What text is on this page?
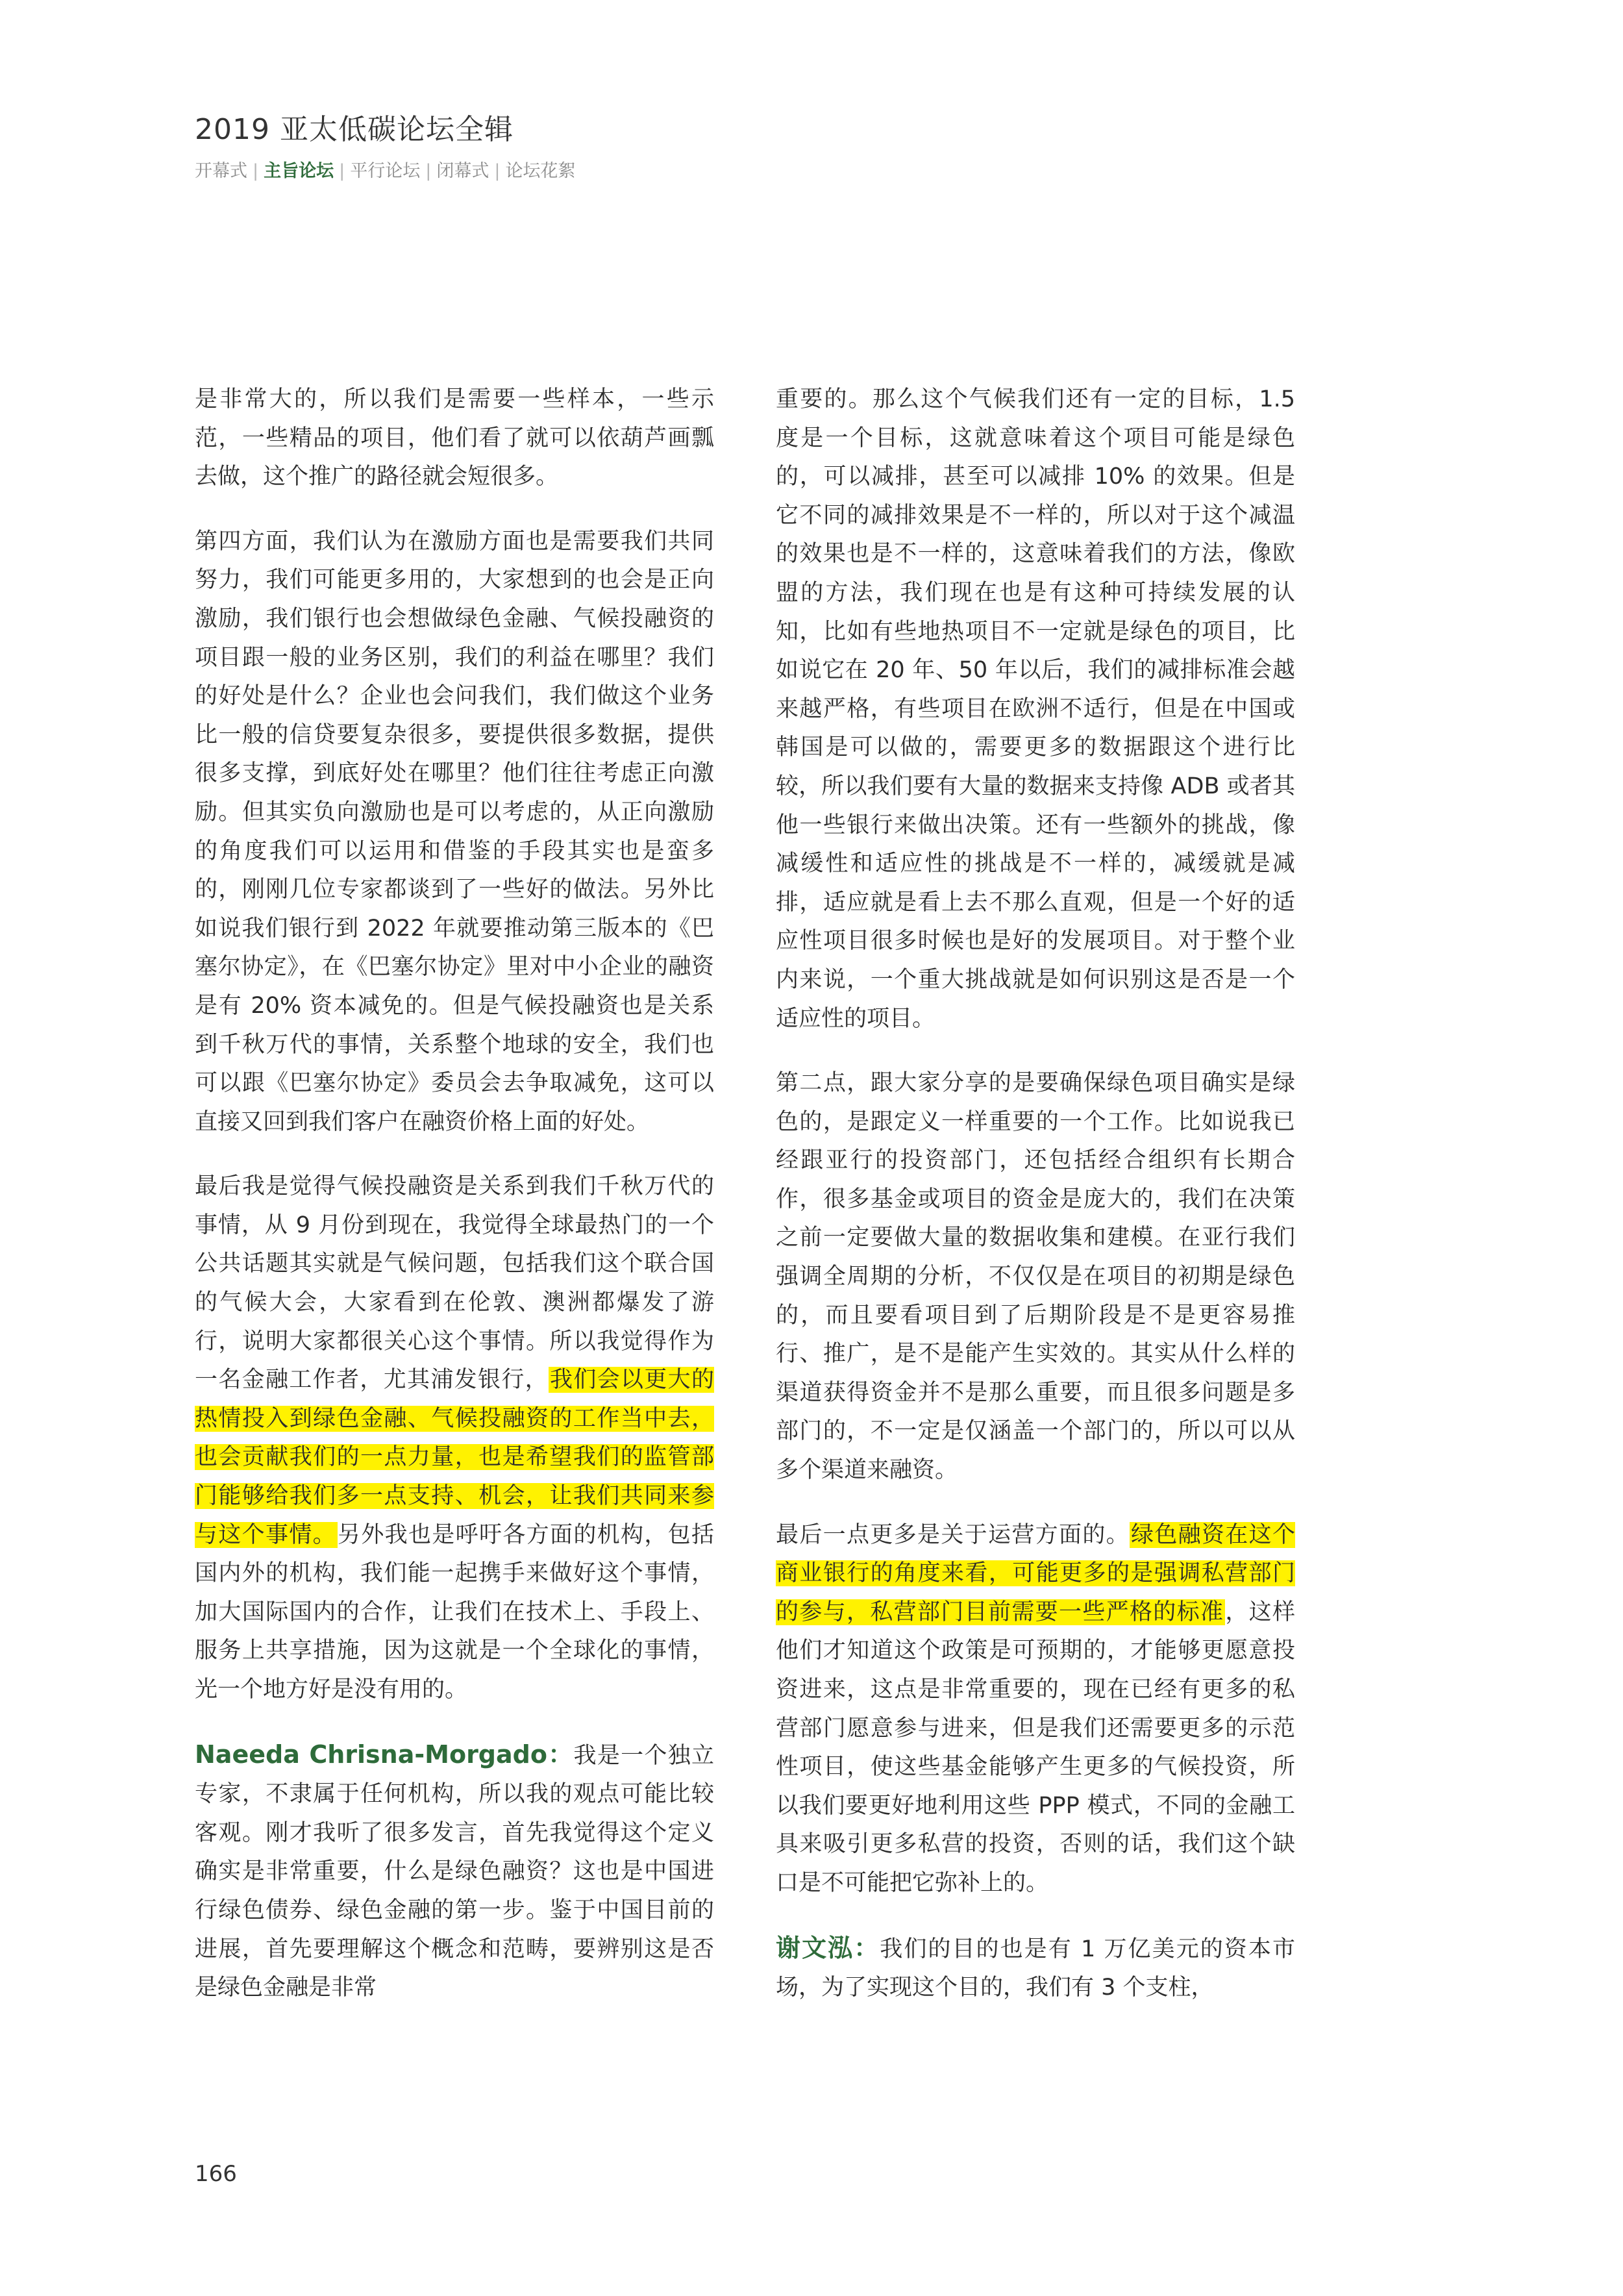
2019 亚太低碳论坛全辑
开幕式 | 主旨论坛 | 平行论坛 | 闭幕式 | 论坛花絮

是非常大的，所以我们是需要一些样本，一些示范，一些精品的项目，他们看了就可以依葫芦画瓢去做，这个推广的路径就会短很多。

第四方面，我们认为在激励方面也是需要我们共同努力，我们可能更多用的，大家想到的也会是正向激励，我们银行也会想做绿色金融、气候投融资的项目跟一般的业务区别，我们的利益在哪里？我们的好处是什么？企业也会问我们，我们做这个业务比一般的信贷要复杂很多，要提供很多数据，提供很多支撑，到底好处在哪里？他们往往考虑正向激励。但其实负向激励也是可以考虑的，从正向激励的角度我们可以运用和借鉴的手段其实也是蛮多的，刚刚几位专家都谈到了一些好的做法。另外比如说我们银行到 2022 年就要推动第三版本的《巴塞尔协定》，在《巴塞尔协定》里对中小企业的融资是有 20% 资本减免的。但是气候投融资也是关系到千秋万代的事情，关系整个地球的安全，我们也可以跟《巴塞尔协定》委员会去争取减免，这可以直接又回到我们客户在融资价格上面的好处。

最后我是觉得气候投融资是关系到我们千秋万代的事情，从 9 月份到现在，我觉得全球最热门的一个公共话题其实就是气候问题，包括我们这个联合国的气候大会，大家看到在伦敦、澳洲都爆发了游行，说明大家都很关心这个事情。所以我觉得作为一名金融工作者，尤其浦发银行，我们会以更大的热情投入到绿色金融、气候投融资的工作当中去，也会贡献我们的一点力量，也是希望我们的监管部门能够给我们多一点支持、机会，让我们共同来参与这个事情。另外我也是呼吁各方面的机构，包括国内外的机构，我们能一起携手来做好这个事情，加大国际国内的合作，让我们在技术上、手段上、服务上共享措施，因为这就是一个全球化的事情，光一个地方好是没有用的。

Naeeda Chrisna-Morgado：我是一个独立专家，不隶属于任何机构，所以我的观点可能比较客观。刚才我听了很多发言，首先我觉得这个定义确实是非常重要，什么是绿色融资？这也是中国进行绿色债券、绿色金融的第一步。鉴于中国目前的进展，首先要理解这个概念和范畴，要辨别这是否是绿色金融是非常

重要的。那么这个气候我们还有一定的目标，1.5 度是一个目标，这就意味着这个项目可能是绿色的，可以减排，甚至可以减排 10% 的效果。但是它不同的减排效果是不一样的，所以对于这个减温的效果也是不一样的，这意味着我们的方法，像欧盟的方法，我们现在也是有这种可持续发展的认知，比如有些地热项目不一定就是绿色的项目，比如说它在 20 年、50 年以后，我们的减排标准会越来越严格，有些项目在欧洲不适行，但是在中国或韩国是可以做的，需要更多的数据跟这个进行比较，所以我们要有大量的数据来支持像 ADB 或者其他一些银行来做出决策。还有一些额外的挑战，像减缓性和适应性的挑战是不一样的，减缓就是减排，适应就是看上去不那么直观，但是一个好的适应性项目很多时候也是好的发展项目。对于整个业内来说，一个重大挑战就是如何识别这是否是一个适应性的项目。

第二点，跟大家分享的是要确保绿色项目确实是绿色的，是跟定义一样重要的一个工作。比如说我已经跟亚行的投资部门，还包括经合组织有长期合作，很多基金或项目的资金是庞大的，我们在决策之前一定要做大量的数据收集和建模。在亚行我们强调全周期的分析，不仅仅是在项目的初期是绿色的，而且要看项目到了后期阶段是不是更容易推行、推广，是不是能产生实效的。其实从什么样的渠道获得资金并不是那么重要，而且很多问题是多部门的，不一定是仅涵盖一个部门的，所以可以从多个渠道来融资。

最后一点更多是关于运营方面的。绿色融资在这个商业银行的角度来看，可能更多的是强调私营部门的参与，私营部门目前需要一些严格的标准，这样他们才知道这个政策是可预期的，才能够更愿意投资进来，这点是非常重要的，现在已经有更多的私营部门愿意参与进来，但是我们还需要更多的示范性项目，使这些基金能够产生更多的气候投资，所以我们要更好地利用这些 PPP 模式，不同的金融工具来吸引更多私营的投资，否则的话，我们这个缺口是不可能把它弥补上的。

谢文泓：我们的目的也是有 1 万亿美元的资本市场，为了实现这个目的，我们有 3 个支柱，

166
